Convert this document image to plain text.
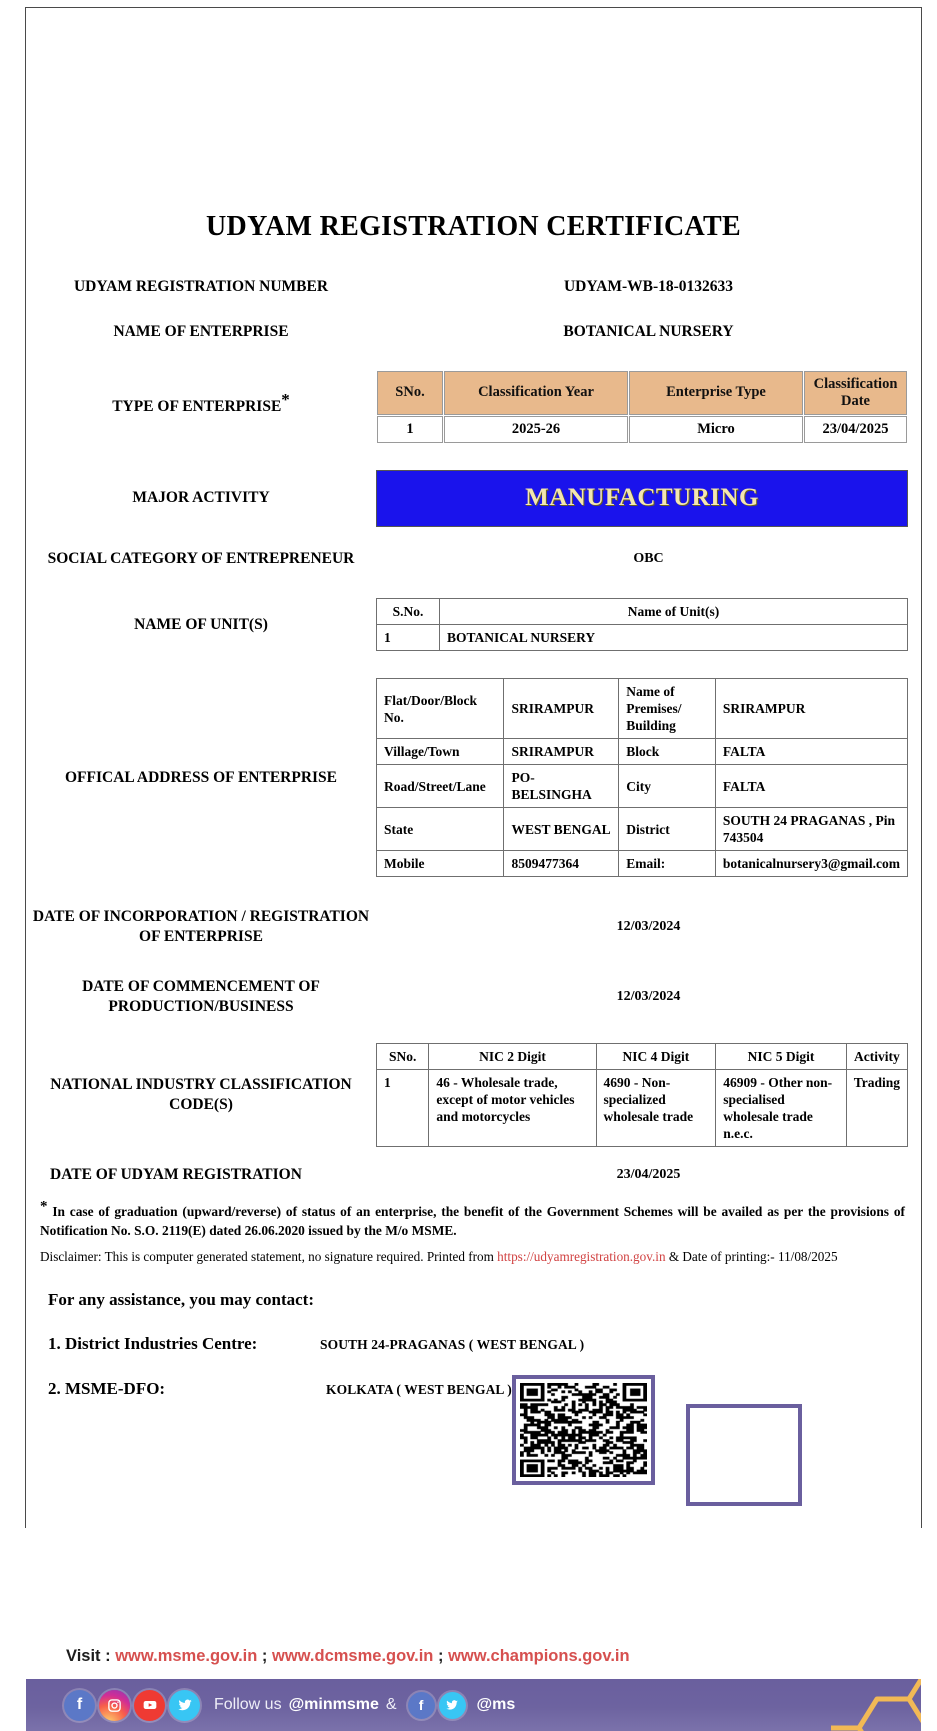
UDYAM REGISTRATION CERTIFICATE
UDYAM REGISTRATION NUMBER	UDYAM-WB-18-0132633
NAME OF ENTERPRISE	BOTANICAL NURSERY
TYPE OF ENTERPRISE*	SNo.	Classification Year	Enterprise Type	Classification Date
1	2025-26	Micro	23/04/2025
MAJOR ACTIVITY	MANUFACTURING
SOCIAL CATEGORY OF ENTREPRENEUR	OBC
NAME OF UNIT(S)
S.No.	Name of Unit(s)
1	BOTANICAL NURSERY
OFFICAL ADDRESS OF ENTERPRISE
Flat/Door/Block No.	SRIRAMPUR	Name of Premises/ Building	SRIRAMPUR
Village/Town	SRIRAMPUR	Block	FALTA
Road/Street/Lane	PO-BELSINGHA	City	FALTA
State	WEST BENGAL	District	SOUTH 24 PRAGANAS , Pin 743504
Mobile	8509477364	Email:	botanicalnursery3@gmail.com
DATE OF INCORPORATION / REGISTRATION OF ENTERPRISE
12/03/2024
DATE OF COMMENCEMENT OF PRODUCTION/BUSINESS
12/03/2024
NATIONAL INDUSTRY CLASSIFICATION CODE(S)
SNo.	NIC 2 Digit	NIC 4 Digit	NIC 5 Digit	Activity
1	46 - Wholesale trade, except of motor vehicles and motorcycles	4690 - Non-specialized wholesale trade	46909 - Other non-specialised wholesale trade n.e.c.	Trading
DATE OF UDYAM REGISTRATION	23/04/2025
* In case of graduation (upward/reverse) of status of an enterprise, the benefit of the Government Schemes will be availed as per the provisions of Notification No. S.O. 2119(E) dated 26.06.2020 issued by the M/o MSME.
Disclaimer: This is computer generated statement, no signature required. Printed from https://udyamregistration.gov.in & Date of printing:- 11/08/2025
For any assistance, you may contact:
1. District Industries Centre:	SOUTH 24-PRAGANAS ( WEST BENGAL )
2. MSME-DFO:	KOLKATA ( WEST BENGAL )
Visit : www.msme.gov.in ; www.dcmsme.gov.in ; www.champions.gov.in
f	Follow us @minmsme &	f	@ms
